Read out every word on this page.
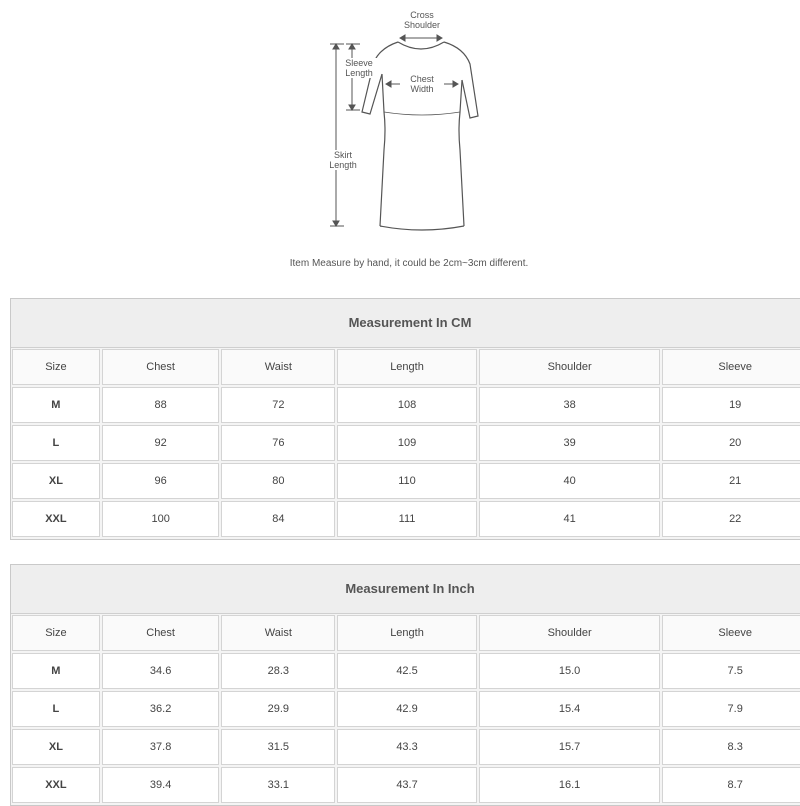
Cross Shoulder
Sleeve Length
Chest Width
Skirt Length
Item Measure by hand, it could be 2cm~3cm different.
Measurement In CM
Size	Chest	Waist	Length	Shoulder	Sleeve
M	88	72	108	38	19
L	92	76	109	39	20
XL	96	80	110	40	21
XXL	100	84	111	41	22
Measurement In Inch
Size	Chest	Waist	Length	Shoulder	Sleeve
M	34.6	28.3	42.5	15.0	7.5
L	36.2	29.9	42.9	15.4	7.9
XL	37.8	31.5	43.3	15.7	8.3
XXL	39.4	33.1	43.7	16.1	8.7
